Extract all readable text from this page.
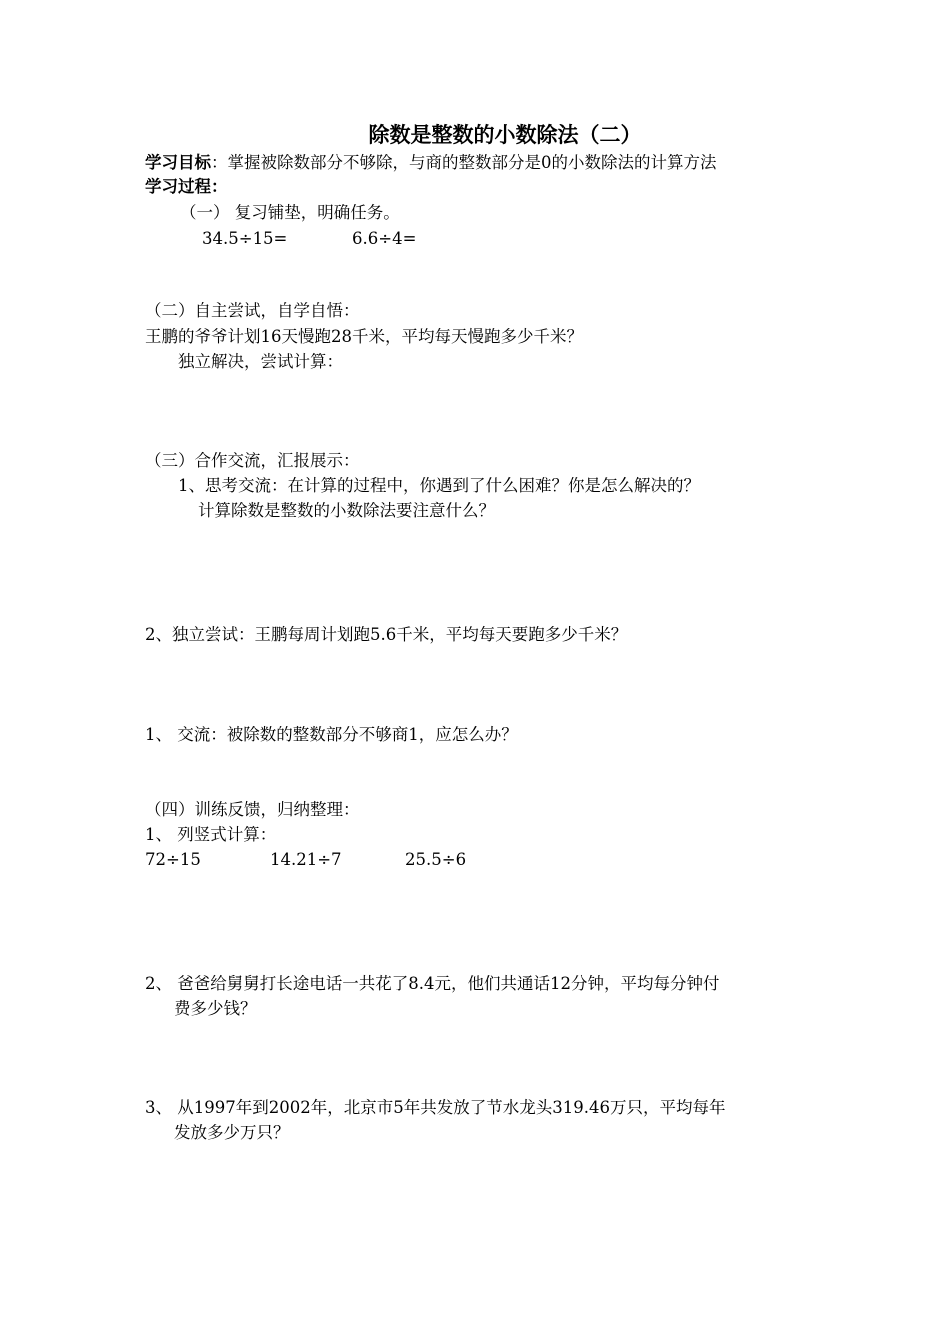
除数是整数的小数除法（二）
学习目标：掌握被除数部分不够除，与商的整数部分是0的小数除法的计算方法
学习过程：
（一） 复习铺垫，明确任务。
34.5÷15=	6.6÷4=
（二）自主尝试，自学自悟：
王鹏的爷爷计划16天慢跑28千米，平均每天慢跑多少千米？
独立解决，尝试计算：
（三）合作交流，汇报展示：
1、思考交流：在计算的过程中，你遇到了什么困难？你是怎么解决的？
计算除数是整数的小数除法要注意什么？
2、独立尝试：王鹏每周计划跑5.6千米，平均每天要跑多少千米？
1、 交流：被除数的整数部分不够商1，应怎么办？
（四）训练反馈，归纳整理：
1、 列竖式计算：
72÷15	14.21÷7	25.5÷6
2、 爸爸给舅舅打长途电话一共花了8.4元，他们共通话12分钟，平均每分钟付
费多少钱？
3、 从1997年到2002年，北京市5年共发放了节水龙头319.46万只，平均每年
发放多少万只？
